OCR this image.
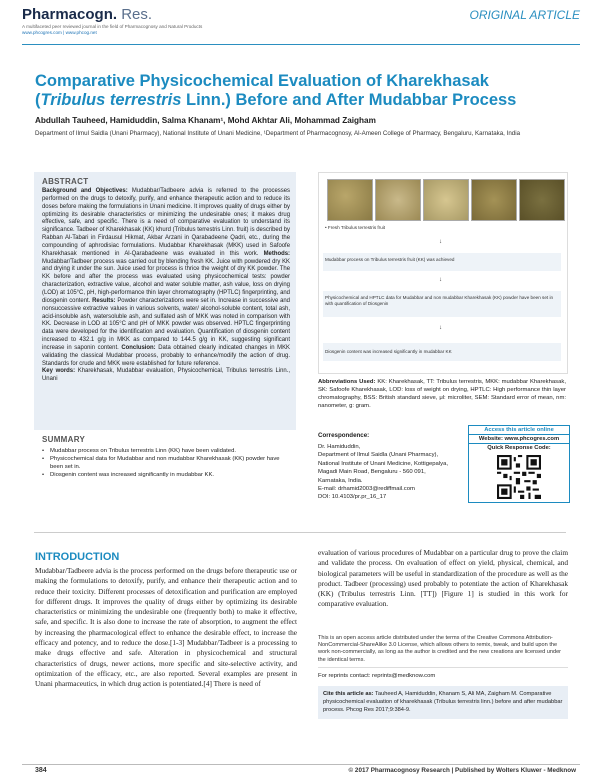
Pharmacogn. Res.
A multifaceted peer reviewed journal in the field of Pharmacognosy and Natural Products
www.phcogres.com | www.phcog.net
ORIGINAL ARTICLE
Comparative Physicochemical Evaluation of Kharekhasak
(Tribulus terrestris Linn.) Before and After Mudabbar Process
Abdullah Tauheed, Hamiduddin, Salma Khanam¹, Mohd Akhtar Ali, Mohammad Zaigham
Department of Ilmul Saidla (Unani Pharmacy), National Institute of Unani Medicine, ¹Department of Pharmacognosy, Al-Ameen College of Pharmacy, Bengaluru, Karnataka, India
ABSTRACT
Background and Objectives: Mudabbar/Tadbeere advia is referred to the processes performed on the drugs to detoxify, purify, and enhance therapeutic action and to reduce its doses before making the formulations in Unani medicine. It improves quality of drugs either by optimizing its desirable characteristics or minimizing the undesirable ones; it makes drug effective, safe, and specific. There is a need of comparative evaluation to understand its significance. Tadbeer of Kharekhasak (KK) khurd (Tribulus terrestris Linn. fruit) is described by Rabban Al-Tabari in Firdausul Hikmat, Akbar Arzani in Qarabadeene Qadri, etc., during the compounding of aphrodisiac formulations. Mudabbar Kharekhasak (MKK) used in Safoofe Kharekhasak mentioned in Al-Qarabadeene was evaluated in this work. Methods: Mudabbar/Tadbeer process was carried out by blending fresh KK. Juice with powdered dry KK and drying it under the sun. Juice used for process is thrice the weight of dry KK powder. The KK before and after the process was evaluated using physicochemical tests: powder characterization, extractive value, alcohol and water soluble matter, ash value, loss on drying (LOD) at 105°C, pH, high-performance thin layer chromatography (HPTLC) fingerprinting, and diosgenin content. Results: Powder characterizations were set in. Increase in successive and nonsuccessive extractive values in various solvents, water/ alcohol-soluble content, total ash, acid-insoluble ash, watersoluble ash, and sulfated ash of MKK was noted in comparison with KK. Decrease in LOD at 105°C and pH of MKK powder was observed. HPTLC fingerprinting data were developed for the identification and evaluation. Quantification of diosgenin content increased to 432.1 g/g in MKK as compared to 144.5 g/g in KK, suggesting significant increase in saponin content. Conclusion: Data obtained clearly indicated changes in MKK validating the classical Mudabbar process, probably to enhance/modify the action of drug. Standards for crude and MKK were established for future reference.
Key words: Kharekhasak, Mudabbar evaluation, Physicochemical, Tribulus terrestris Linn., Unani
SUMMARY
• Mudabbar process on Tribulus terrestris Linn (KK) have been validated.
• Physicochemical data for Mudabbar and non mudabbar Kharekhasak (KK) powder have been set in.
• Diosgenin content was increased significantly in mudabbar KK.
• Fresh Tribulus terrestris fruit
↓
Mudabbar process on Tribulus terrestris fruit (KK) was achieved
↓
Physicochemical and HPTLC data for Mudabbar and non mudabbar Kharekhasak (KK) powder have been set in with quantification of Diosgenin
↓
Diosgenin content was increased significantly in mudabbar KK
Abbreviations Used: KK: Kharekhasak, TT: Tribulus terrestris, MKK: mudabbar Kharekhasak, SK: Safoofe Kharekhasak, LOD: loss of weight on drying, HPTLC: High performance thin layer chromatography, BSS: British standard sieve, μl: microliter, SEM: Standard error of mean, nm: nanometer, g: gram.
Correspondence:
Dr. Hamiduddin,
Department of Ilmul Saidla (Unani Pharmacy),
National Institute of Unani Medicine, Kottigepalya,
Magadi Main Road, Bengaluru - 560 091,
Karnataka, India.
E-mail: drhamid2003@rediffmail.com
DOI: 10.4103/pr.pr_16_17
Access this article online
Website: www.phcogres.com
Quick Response Code:
INTRODUCTION
Mudabbar/Tadbeere advia is the process performed on the drugs before therapeutic use or making the formulations to detoxify, purify, and enhance their therapeutic action and to reduce their toxicity. Different processes of detoxification and purification are employed for different drugs. It improves the quality of drugs either by optimizing its desirable characteristics or minimizing the undesirable one (frequently both) to make it effective, safe, and specific. It is also done to increase the rate of absorption, to augment the effect by increasing the pharmacological effect to enhance the desirable effect, to increase the efficacy and potency, and to reduce the dose.[1-3] Mudabbar/Tadbeer is a processing to make drugs effective and safe. Alteration in physicochemical and structural characteristics of drugs, newer actions, more specific and site-selective activity, and optimization of the efficacy, etc., are also reported. Several examples are present in Unani pharmaceutics, in which drug action is potentiated.[4] There is need of
evaluation of various procedures of Mudabbar on a particular drug to prove the claim and validate the process. On evaluation of effect on yield, physical, chemical, and biological parameters will be useful in standardization of the procedure as well as the product. Tadbeer (processing) used probably to potentiate the action of Kharekhasak (KK) (Tribulus terrestris Linn. [TT]) [Figure 1] is studied in this work for comparative evaluation.
This is an open access article distributed under the terms of the Creative Commons Attribution-NonCommercial-ShareAlike 3.0 License, which allows others to remix, tweak, and build upon the work non-commercially, as long as the author is credited and the new creations are licensed under the identical terms.
For reprints contact: reprints@medknow.com
Cite this article as: Tauheed A, Hamiduddin, Khanam S, Ali MA, Zaigham M. Comparative physicochemical evaluation of kharekhasak (Tribulus terrestris linn.) before and after mudabbar process. Phcog Res 2017;9:384-9.
384	© 2017 Pharmacognosy Research | Published by Wolters Kluwer - Medknow
